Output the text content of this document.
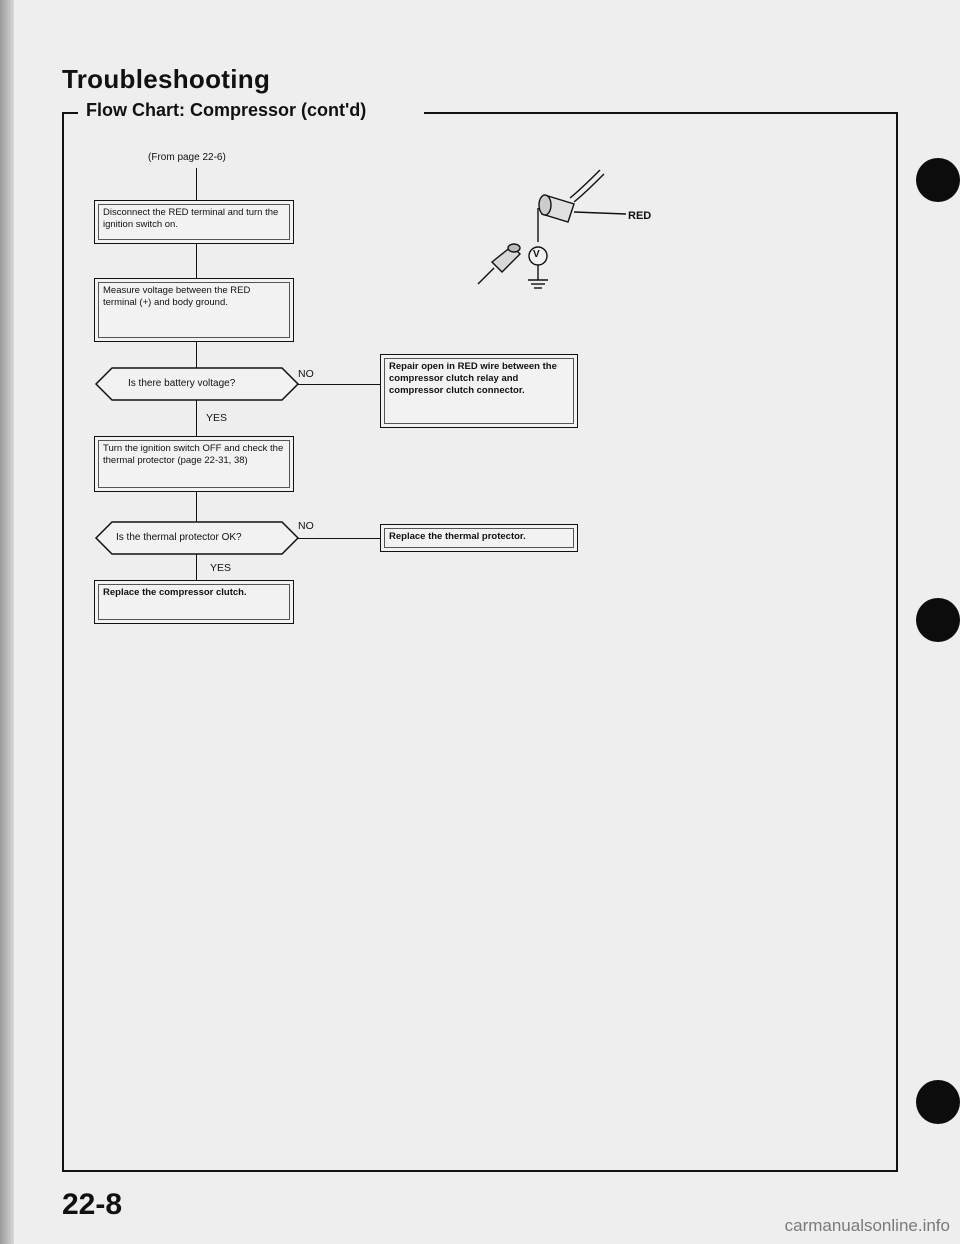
Troubleshooting
Flow Chart: Compressor (cont'd)
(From page 22-6)
Disconnect the RED terminal and turn the ignition switch on.
Measure voltage between the RED terminal (+) and body ground.
Is there battery voltage?
NO
Repair open in RED wire between the compressor clutch relay and compressor clutch connector.
YES
Turn the ignition switch OFF and check the thermal protector (page 22-31, 38)
Is the thermal protector OK?
NO
Replace the thermal protector.
YES
Replace the compressor clutch.
RED
V
22-8
carmanualsonline.info
